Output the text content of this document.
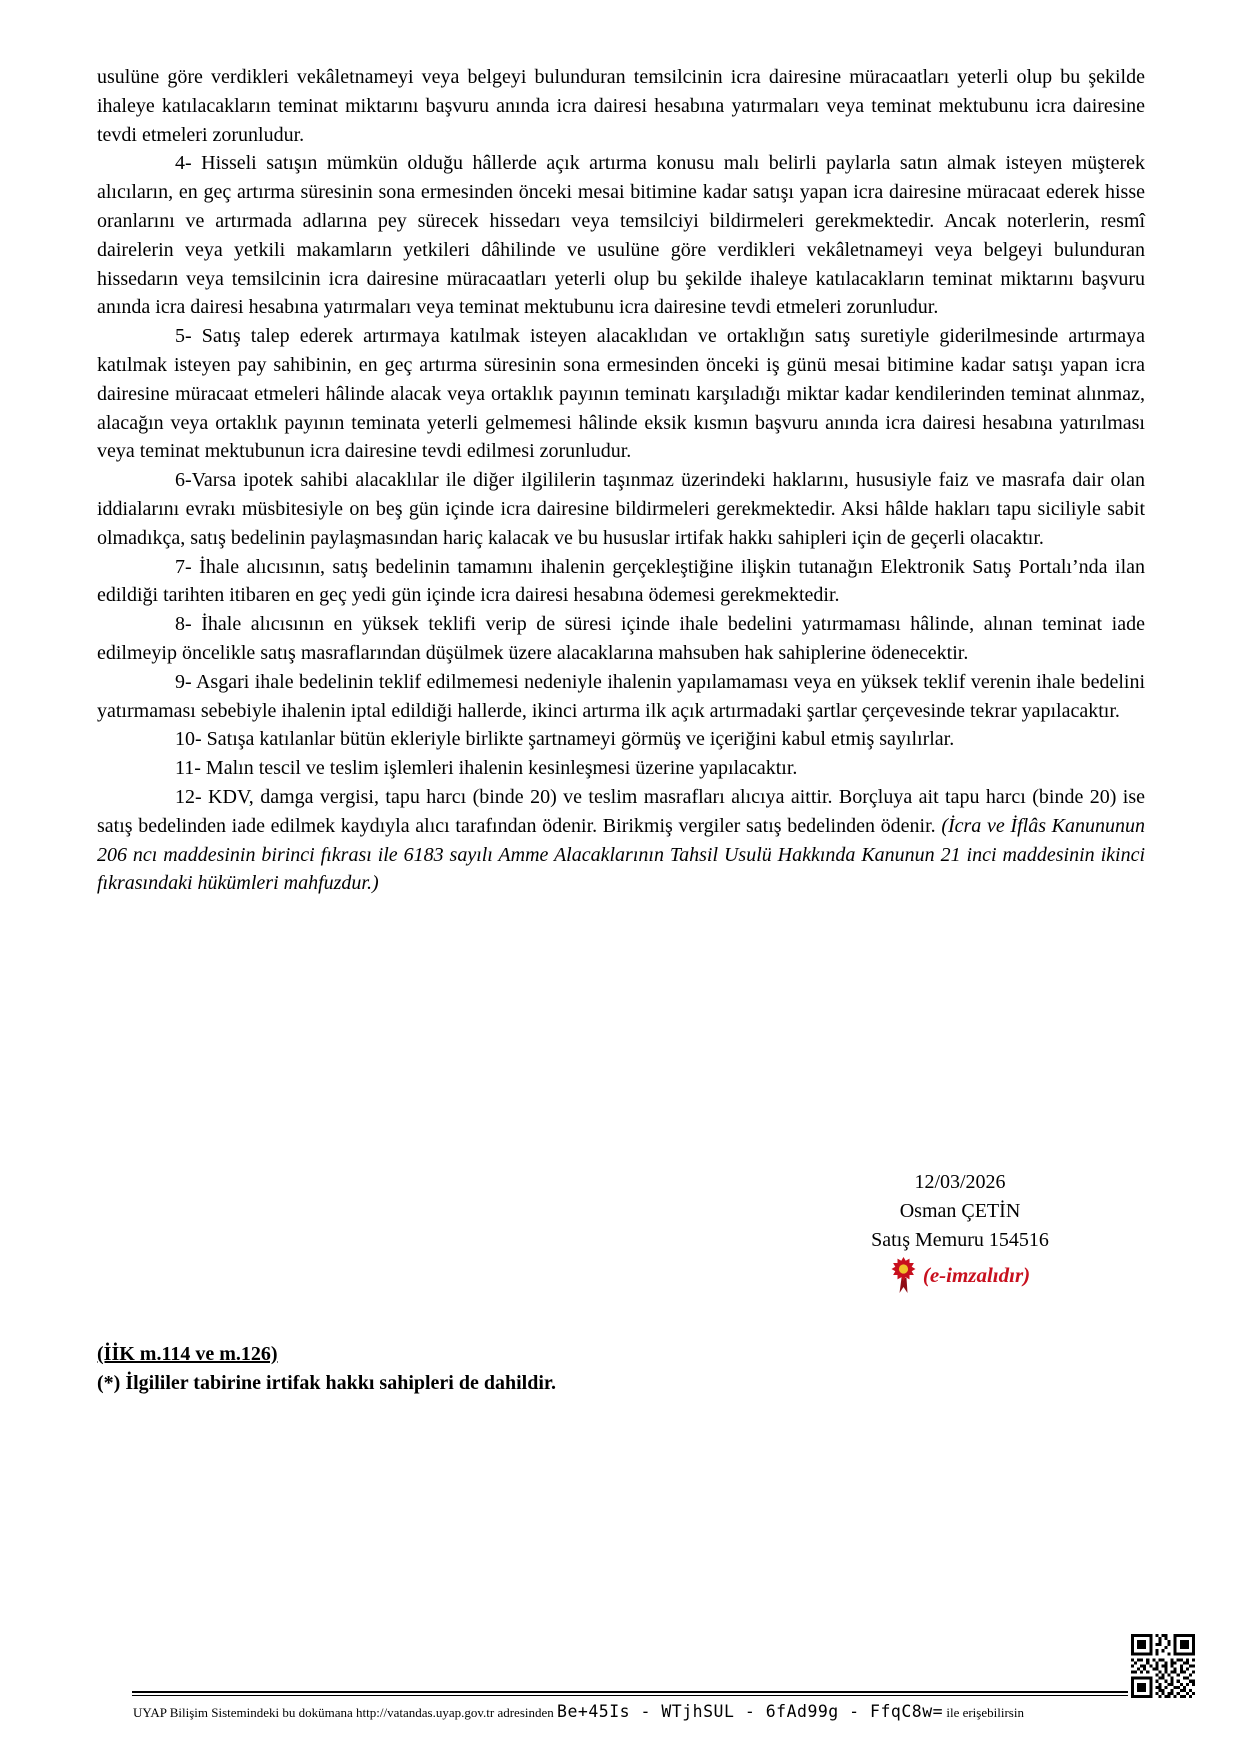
usulüne göre verdikleri vekâletnameyi veya belgeyi bulunduran temsilcinin icra dairesine müracaatları yeterli olup bu şekilde ihaleye katılacakların teminat miktarını başvuru anında icra dairesi hesabına yatırmaları veya teminat mektubunu icra dairesine tevdi etmeleri zorunludur.

4- Hisseli satışın mümkün olduğu hâllerde açık artırma konusu malı belirli paylarla satın almak isteyen müşterek alıcıların, en geç artırma süresinin sona ermesinden önceki mesai bitimine kadar satışı yapan icra dairesine müracaat ederek hisse oranlarını ve artırmada adlarına pey sürecek hissedarı veya temsilciyi bildirmeleri gerekmektedir. Ancak noterlerin, resmî dairelerin veya yetkili makamların yetkileri dâhilinde ve usulüne göre verdikleri vekâletnameyi veya belgeyi bulunduran hissedarın veya temsilcinin icra dairesine müracaatları yeterli olup bu şekilde ihaleye katılacakların teminat miktarını başvuru anında icra dairesi hesabına yatırmaları veya teminat mektubunu icra dairesine tevdi etmeleri zorunludur.

5- Satış talep ederek artırmaya katılmak isteyen alacaklıdan ve ortaklığın satış suretiyle giderilmesinde artırmaya katılmak isteyen pay sahibinin, en geç artırma süresinin sona ermesinden önceki iş günü mesai bitimine kadar satışı yapan icra dairesine müracaat etmeleri hâlinde alacak veya ortaklık payının teminatı karşıladığı miktar kadar kendilerinden teminat alınmaz, alacağın veya ortaklık payının teminata yeterli gelmemesi hâlinde eksik kısmın başvuru anında icra dairesi hesabına yatırılması veya teminat mektubunun icra dairesine tevdi edilmesi zorunludur.

6-Varsa ipotek sahibi alacaklılar ile diğer ilgililerin taşınmaz üzerindeki haklarını, hususiyle faiz ve masrafa dair olan iddialarını evrakı müsbitesiyle on beş gün içinde icra dairesine bildirmeleri gerekmektedir. Aksi hâlde hakları tapu siciliyle sabit olmadıkça, satış bedelinin paylaşmasından hariç kalacak ve bu hususlar irtifak hakkı sahipleri için de geçerli olacaktır.

7- İhale alıcısının, satış bedelinin tamamını ihalenin gerçekleştiğine ilişkin tutanağın Elektronik Satış Portalı’nda ilan edildiği tarihten itibaren en geç yedi gün içinde icra dairesi hesabına ödemesi gerekmektedir.

8- İhale alıcısının en yüksek teklifi verip de süresi içinde ihale bedelini yatırmaması hâlinde, alınan teminat iade edilmeyip öncelikle satış masraflarından düşülmek üzere alacaklarına mahsuben hak sahiplerine ödenecektir.

9- Asgari ihale bedelinin teklif edilmemesi nedeniyle ihalenin yapılamaması veya en yüksek teklif verenin ihale bedelini yatırmaması sebebiyle ihalenin iptal edildiği hallerde, ikinci artırma ilk açık artırmadaki şartlar çerçevesinde tekrar yapılacaktır.

10- Satışa katılanlar bütün ekleriyle birlikte şartnameyi görmüş ve içeriğini kabul etmiş sayılırlar.

11- Malın tescil ve teslim işlemleri ihalenin kesinleşmesi üzerine yapılacaktır.

12- KDV, damga vergisi, tapu harcı (binde 20) ve teslim masrafları alıcıya aittir. Borçluya ait tapu harcı (binde 20) ise satış bedelinden iade edilmek kaydıyla alıcı tarafından ödenir. Birikmiş vergiler satış bedelinden ödenir. (İcra ve İflâs Kanununun 206 ncı maddesinin birinci fıkrası ile 6183 sayılı Amme Alacaklarının Tahsil Usulü Hakkında Kanunun 21 inci maddesinin ikinci fıkrasındaki hükümleri mahfuzdur.)

12/03/2026
Osman ÇETİN
Satış Memuru 154516
(e-imzalıdır)
(İİK m.114 ve m.126)
(*) İlgililer tabirine irtifak hakkı sahipleri de dahildir.
UYAP Bilişim Sistemindeki bu dokümana http://vatandas.uyap.gov.tr adresinden Be+45Is - WTjhSUL - 6fAd99g - FfqC8w= ile erişebilirsin
